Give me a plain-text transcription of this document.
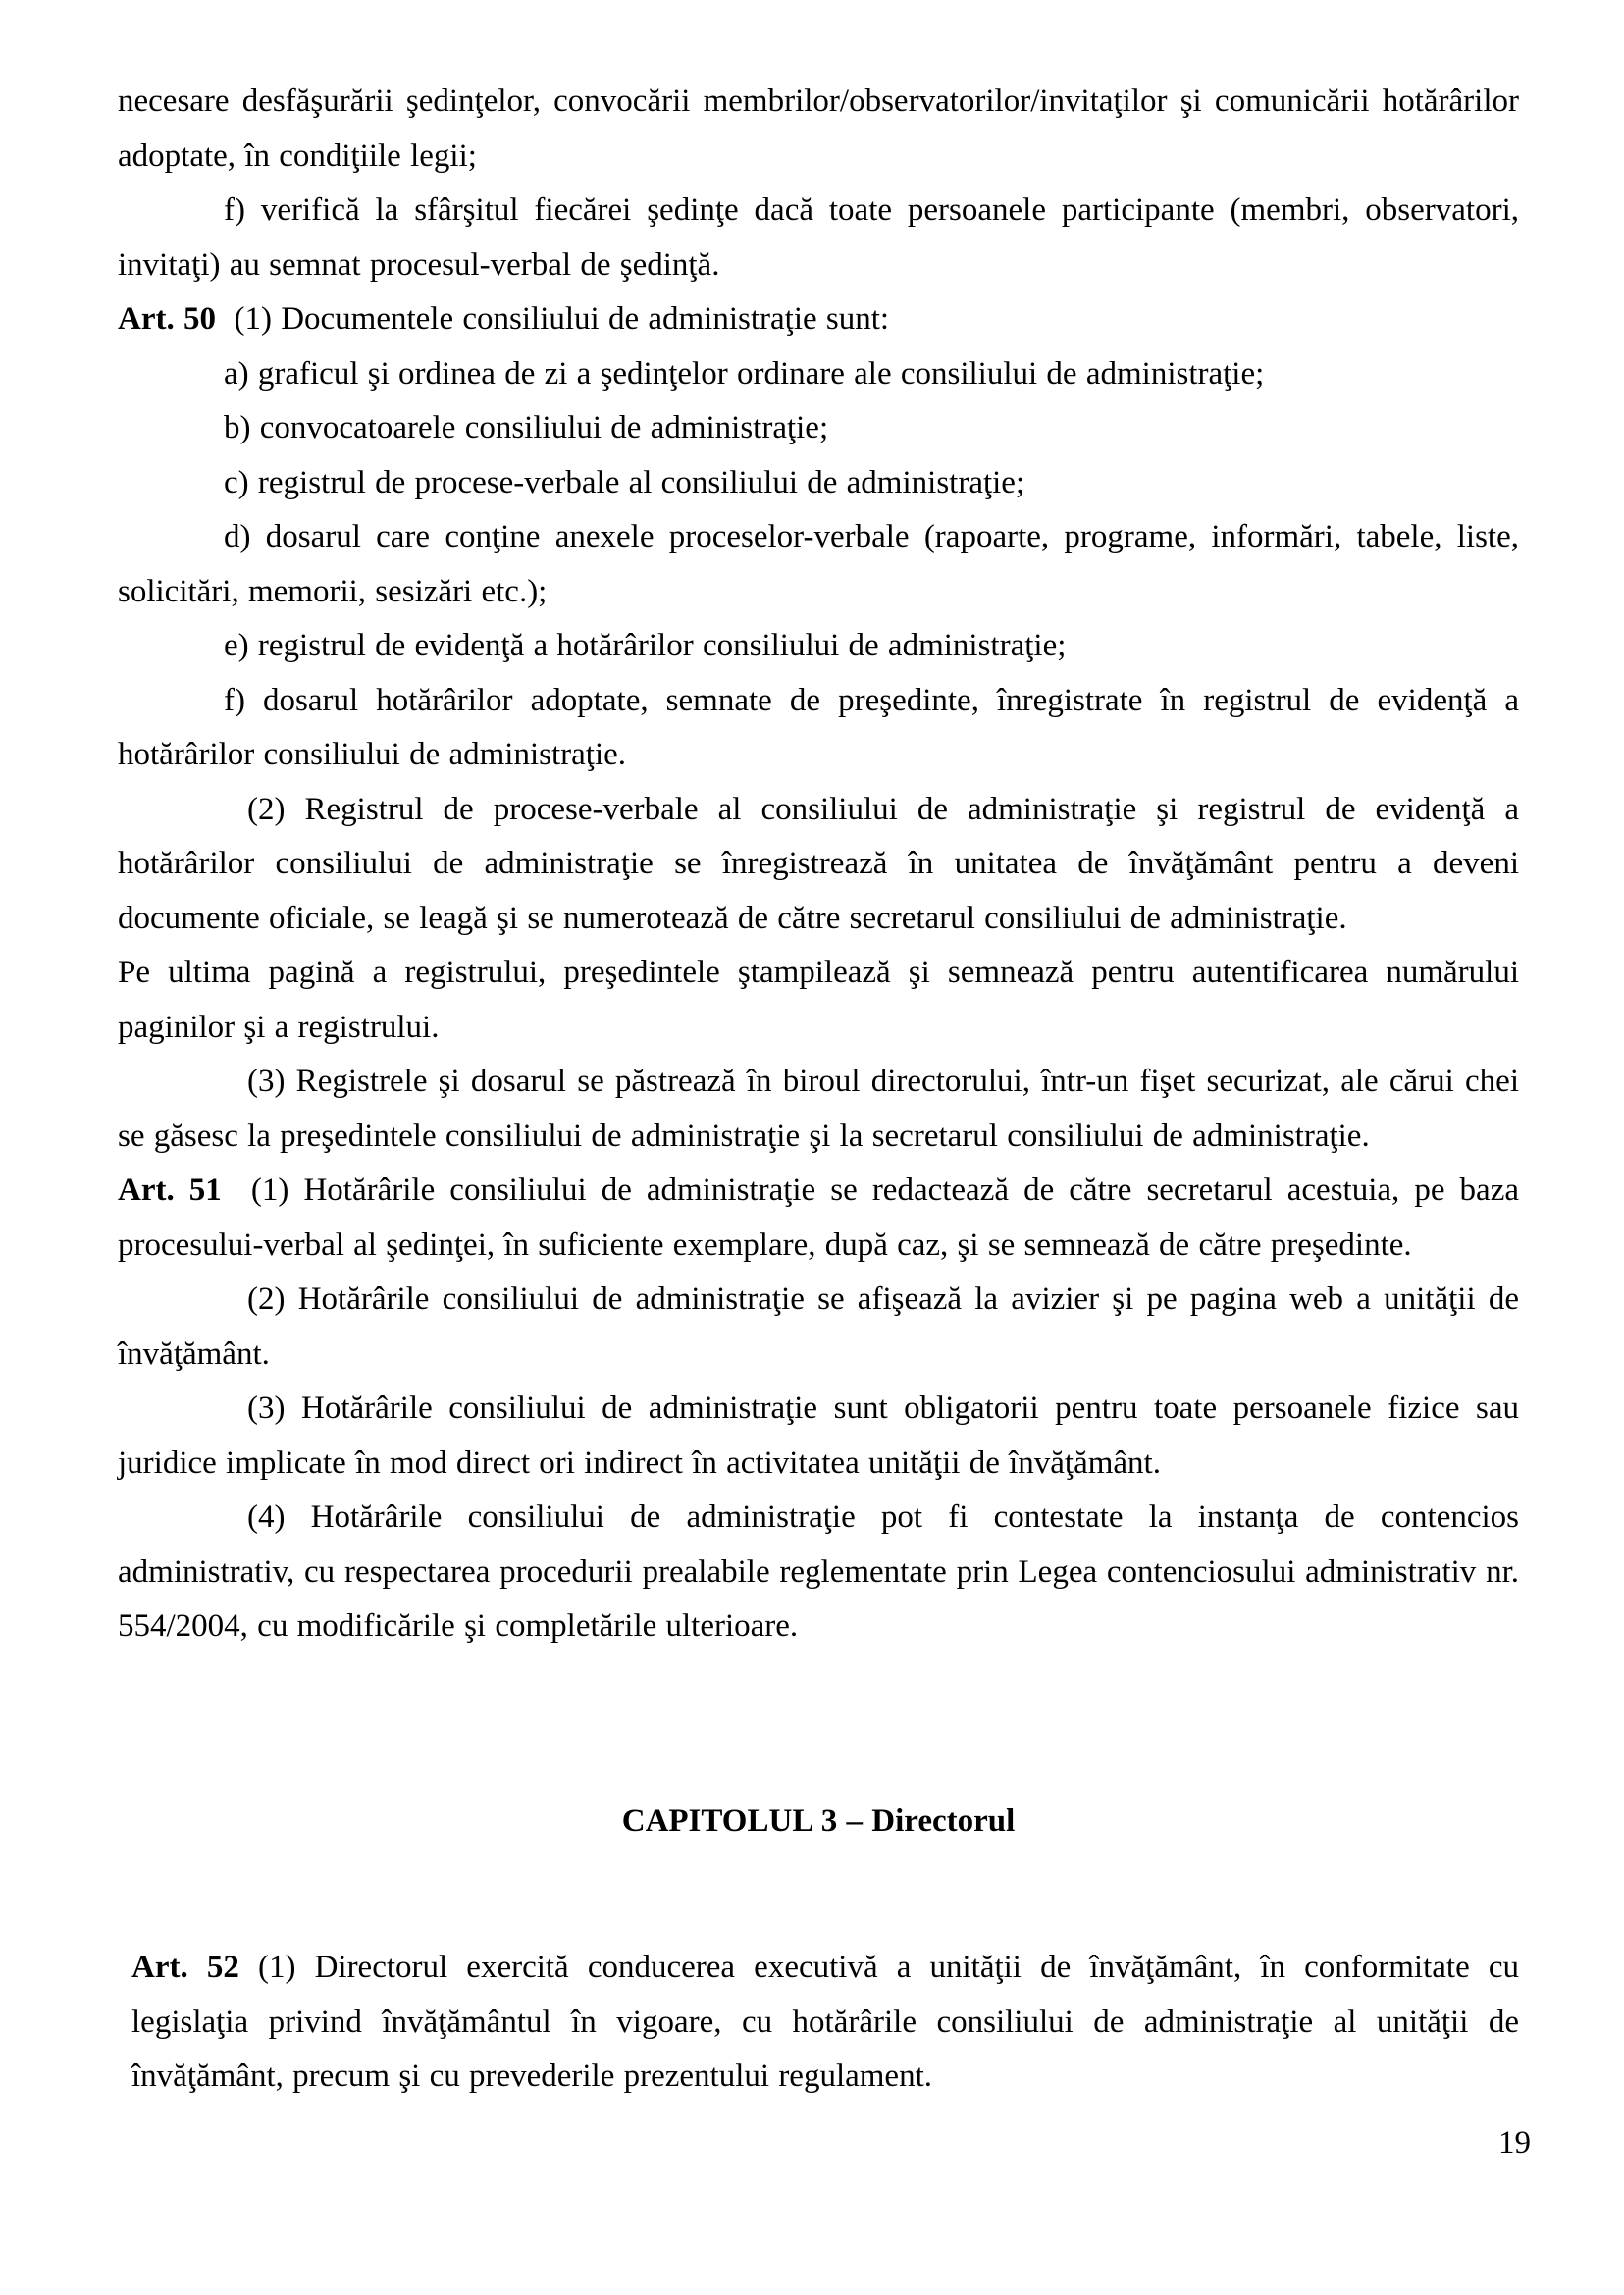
necesare desfăşurării şedinţelor, convocării membrilor/observatorilor/invitaţilor şi comunicării hotărârilor adoptate, în condiţiile legii;

f) verifică la sfârşitul fiecărei şedinţe dacă toate persoanele participante (membri, observatori, invitaţi) au semnat procesul-verbal de şedinţă.

Art. 50  (1) Documentele consiliului de administraţie sunt:

a) graficul şi ordinea de zi a şedinţelor ordinare ale consiliului de administraţie;

b) convocatoarele consiliului de administraţie;

c) registrul de procese-verbale al consiliului de administraţie;

d) dosarul care conţine anexele proceselor-verbale (rapoarte, programe, informări, tabele, liste, solicitări, memorii, sesizări etc.);

e) registrul de evidenţă a hotărârilor consiliului de administraţie;

f) dosarul hotărârilor adoptate, semnate de preşedinte, înregistrate în registrul de evidenţă a hotărârilor consiliului de administraţie.

(2) Registrul de procese-verbale al consiliului de administraţie şi registrul de evidenţă a hotărârilor consiliului de administraţie se înregistrează în unitatea de învăţământ pentru a deveni documente oficiale, se leagă şi se numerotează de către secretarul consiliului de administraţie.

Pe ultima pagină a registrului, preşedintele ştampilează şi semnează pentru autentificarea numărului paginilor şi a registrului.

(3) Registrele şi dosarul se păstrează în biroul directorului, într-un fişet securizat, ale cărui chei se găsesc la preşedintele consiliului de administraţie şi la secretarul consiliului de administraţie.

Art. 51  (1) Hotărârile consiliului de administraţie se redactează de către secretarul acestuia, pe baza procesului-verbal al şedinţei, în suficiente exemplare, după caz, şi se semnează de către preşedinte.

(2) Hotărârile consiliului de administraţie se afişează la avizier şi pe pagina web a unităţii de învăţământ.

(3) Hotărârile consiliului de administraţie sunt obligatorii pentru toate persoanele fizice sau juridice implicate în mod direct ori indirect în activitatea unităţii de învăţământ.

(4) Hotărârile consiliului de administraţie pot fi contestate la instanţa de contencios administrativ, cu respectarea procedurii prealabile reglementate prin Legea contenciosului administrativ nr. 554/2004, cu modificările şi completările ulterioare.

CAPITOLUL 3 – Directorul

Art. 52 (1) Directorul exercită conducerea executivă a unităţii de învăţământ, în conformitate cu legislaţia privind învăţământul în vigoare, cu hotărârile consiliului de administraţie al unităţii de învăţământ, precum şi cu prevederile prezentului regulament.

19
